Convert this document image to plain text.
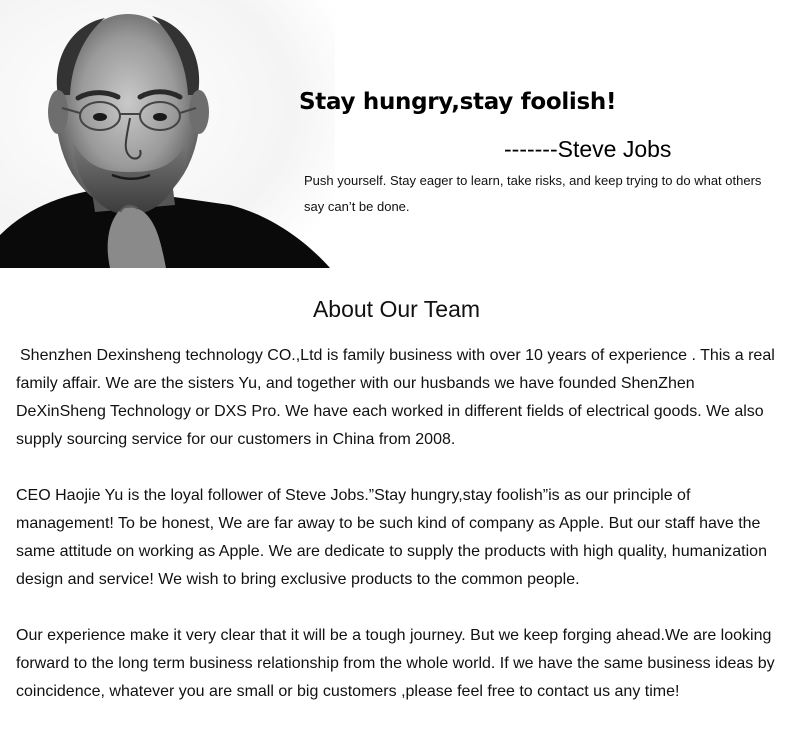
Stay hungry,stay foolish!
-------Steve Jobs
Push yourself. Stay eager to learn, take risks, and keep trying to do what others say can’t be done.
About Our Team
Shenzhen Dexinsheng technology CO.,Ltd is family business with over 10 years of experience . This a real family affair. We are the sisters Yu, and together with our husbands we have founded ShenZhen DeXinSheng Technology or DXS Pro. We have each worked in different fields of electrical goods. We also supply sourcing service for our customers in China from 2008.
CEO Haojie Yu is the loyal follower of Steve Jobs.”Stay hungry,stay foolish”is as our principle of management! To be honest, We are far away to be such kind of company as Apple. But our staff have the same attitude on working as Apple. We are dedicate to supply the products with high quality, humanization design and service! We wish to bring exclusive products to the common people.
Our experience make it very clear that it will be a tough journey. But we keep forging ahead.We are looking forward to the long term business relationship from the whole world. If we have the same business ideas by coincidence, whatever you are small or big customers ,please feel free to contact us any time!
